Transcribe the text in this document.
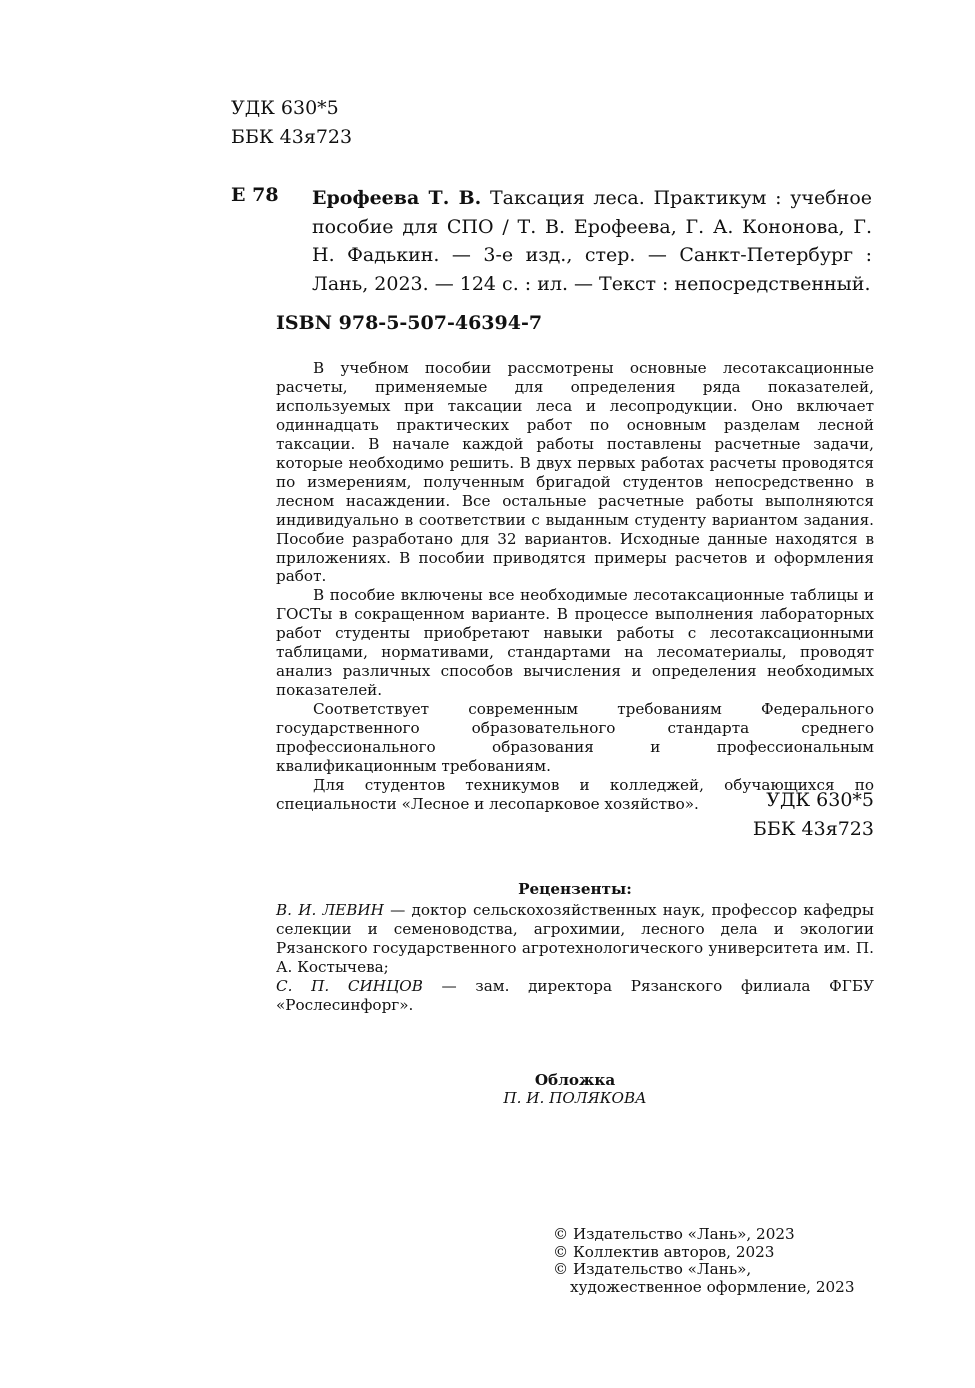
УДК 630*5
ББК 43я723
Е 78 Ерофеева Т. В. Таксация леса. Практикум : учебное пособие для СПО / Т. В. Ерофеева, Г. А. Кононова, Г. Н. Фадькин. — 3-е изд., стер. — Санкт-Петербург : Лань, 2023. — 124 с. : ил. — Текст : непосредственный.
ISBN 978-5-507-46394-7

В учебном пособии рассмотрены основные лесотаксационные расчеты, применяемые для определения ряда показателей, используемых при таксации леса и лесопродукции. Оно включает одиннадцать практических работ по основным разделам лесной таксации. В начале каждой работы поставлены расчетные задачи, которые необходимо решить. В двух первых работах расчеты проводятся по измерениям, полученным бригадой студентов непосредственно в лесном насаждении. Все остальные расчетные работы выполняются индивидуально в соответствии с выданным студенту вариантом задания. Пособие разработано для 32 вариантов. Исходные данные находятся в приложениях. В пособии приводятся примеры расчетов и оформления работ.

В пособие включены все необходимые лесотаксационные таблицы и ГОСТы в сокращенном варианте. В процессе выполнения лабораторных работ студенты приобретают навыки работы с лесотаксационными таблицами, нормативами, стандартами на лесоматериалы, проводят анализ различных способов вычисления и определения необходимых показателей.

Соответствует современным требованиям Федерального государственного образовательного стандарта среднего профессионального образования и профессиональным квалификационным требованиям.

Для студентов техникумов и колледжей, обучающихся по специальности «Лесное и лесопарковое хозяйство».	УДК 630*5
ББК 43я723
Рецензенты:

В. И. ЛЕВИН — доктор сельскохозяйственных наук, профессор кафедры селекции и семеноводства, агрохимии, лесного дела и экологии Рязанского государственного агротехнологического университета им. П. А. Костычева;

С. П. СИНЦОВ — зам. директора Рязанского филиала ФГБУ «Рослесинфорг».

Обложка
П. И. ПОЛЯКОВА
© Издательство «Лань», 2023
© Коллектив авторов, 2023
© Издательство «Лань»,
художественное оформление, 2023
